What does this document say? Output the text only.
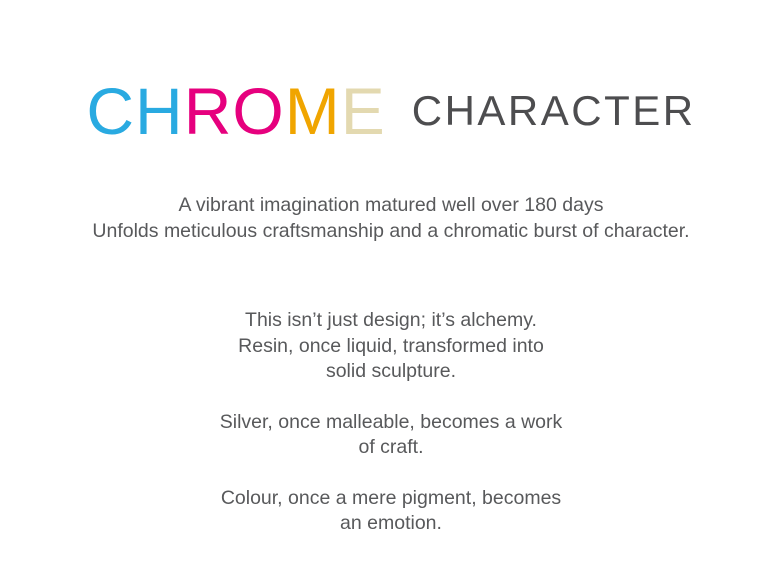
CHROME CHARACTER
A vibrant imagination matured well over 180 days
Unfolds meticulous craftsmanship and a chromatic burst of character.

This isn’t just design; it’s alchemy.
Resin, once liquid, transformed into
solid sculpture.

Silver, once malleable, becomes a work
of craft.

Colour, once a mere pigment, becomes
an emotion.
